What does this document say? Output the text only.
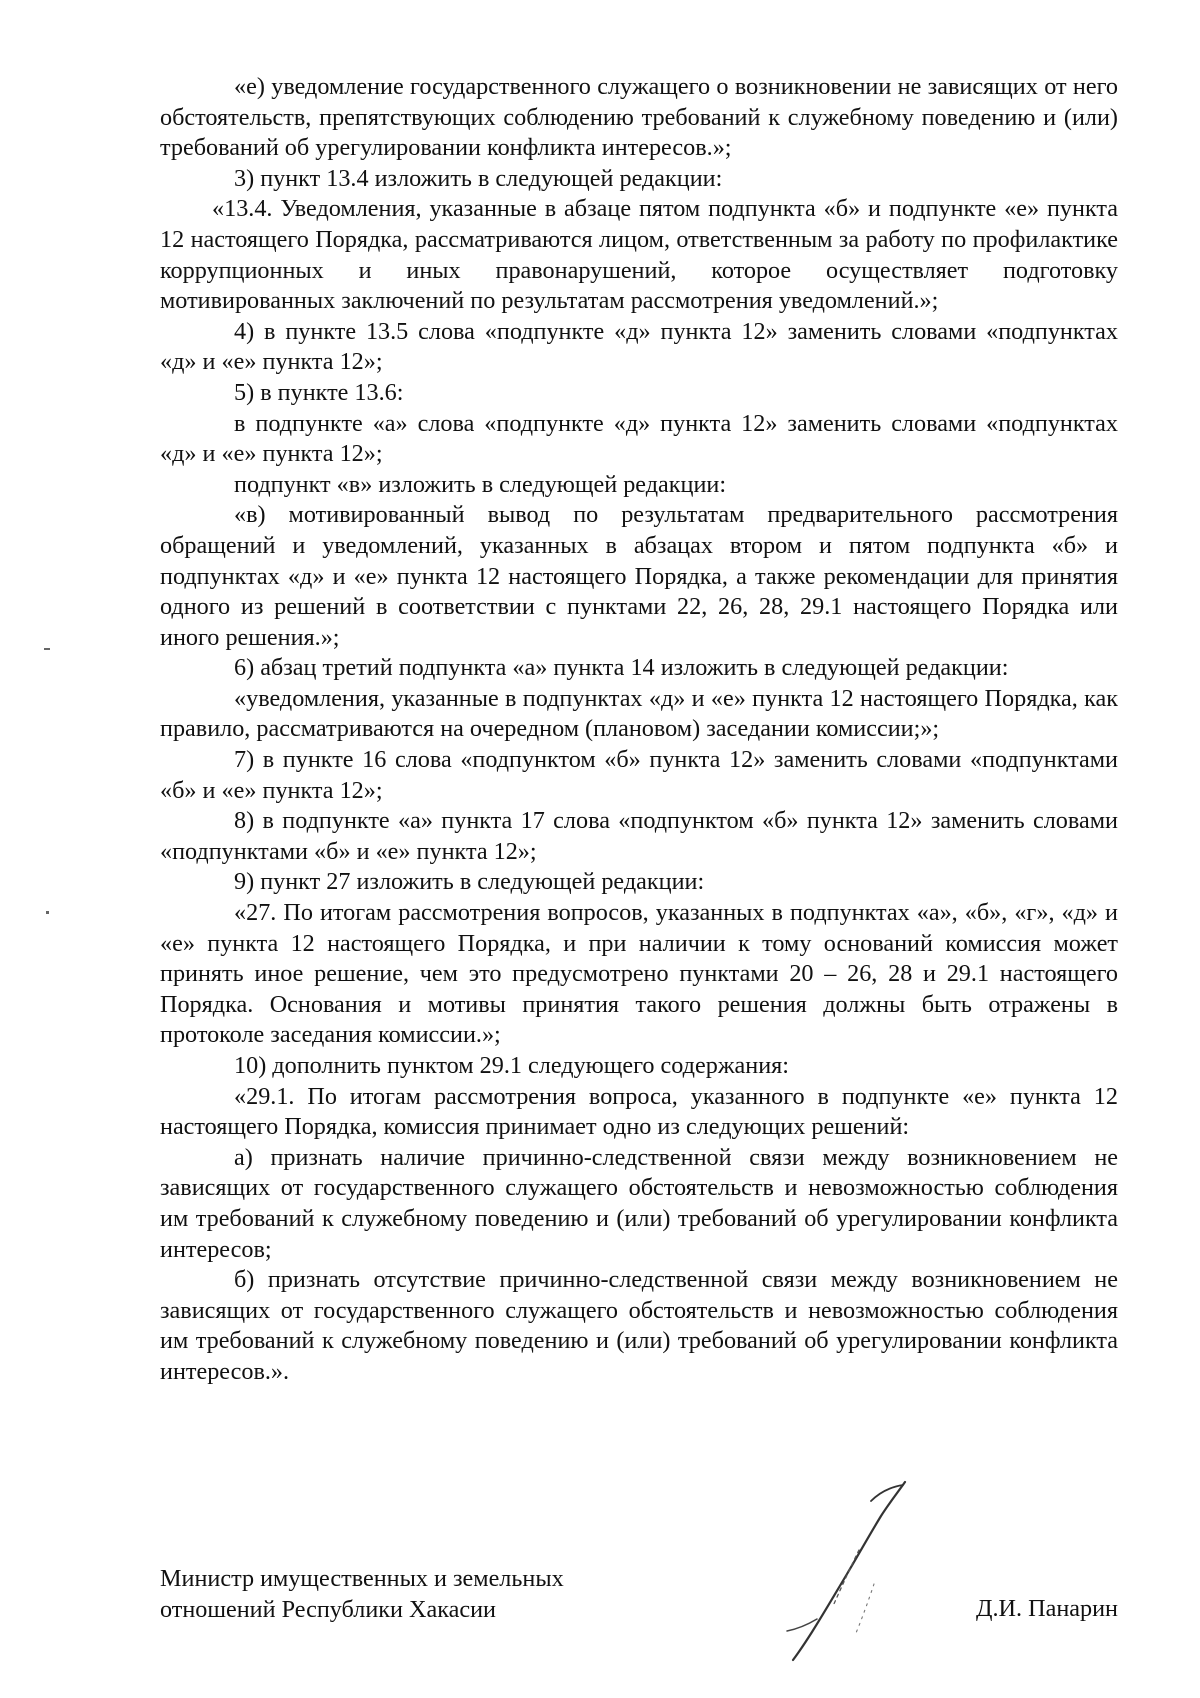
«е) уведомление государственного служащего о возникновении не зависящих от него обстоятельств, препятствующих соблюдению требований к служебному поведению и (или) требований об урегулировании конфликта интересов.»;

3) пункт 13.4 изложить в следующей редакции:

«13.4. Уведомления, указанные в абзаце пятом подпункта «б» и подпункте «е» пункта 12 настоящего Порядка, рассматриваются лицом, ответственным за работу по профилактике коррупционных и иных правонарушений, которое осуществляет подготовку мотивированных заключений по результатам рассмотрения уведомлений.»;

4) в пункте 13.5 слова «подпункте «д» пункта 12» заменить словами «подпунктах «д» и «е» пункта 12»;

5) в пункте 13.6:

в подпункте «а» слова «подпункте «д» пункта 12» заменить словами «подпунктах «д» и «е» пункта 12»;

подпункт «в» изложить в следующей редакции:

«в) мотивированный вывод по результатам предварительного рассмотрения обращений и уведомлений, указанных в абзацах втором и пятом подпункта «б» и подпунктах «д» и «е» пункта 12 настоящего Порядка, а также рекомендации для принятия одного из решений в соответствии с пунктами 22, 26, 28, 29.1 настоящего Порядка или иного решения.»;

6) абзац третий подпункта «а» пункта 14 изложить в следующей редакции:

«уведомления, указанные в подпунктах «д» и «е» пункта 12 настоящего Порядка, как правило, рассматриваются на очередном (плановом) заседании комиссии;»;

7) в пункте 16 слова «подпунктом «б» пункта 12» заменить словами «подпунктами «б» и «е» пункта 12»;

8) в подпункте «а» пункта 17 слова «подпунктом «б» пункта 12» заменить словами «подпунктами «б» и «е» пункта 12»;

9) пункт 27 изложить в следующей редакции:

«27. По итогам рассмотрения вопросов, указанных в подпунктах «а», «б», «г», «д» и «е» пункта 12 настоящего Порядка, и при наличии к тому оснований комиссия может принять иное решение, чем это предусмотрено пунктами 20 – 26, 28 и 29.1 настоящего Порядка. Основания и мотивы принятия такого решения должны быть отражены в протоколе заседания комиссии.»;

10) дополнить пунктом 29.1 следующего содержания:

«29.1. По итогам рассмотрения вопроса, указанного в подпункте «е» пункта 12 настоящего Порядка, комиссия принимает одно из следующих решений:

а) признать наличие причинно-следственной связи между возникновением не зависящих от государственного служащего обстоятельств и невозможностью соблюдения им требований к служебному поведению и (или) требований об урегулировании конфликта интересов;

б) признать отсутствие причинно-следственной связи между возникновением не зависящих от государственного служащего обстоятельств и невозможностью соблюдения им требований к служебному поведению и (или) требований об урегулировании конфликта интересов.».

Министр имущественных и земельных
отношений Республики Хакасии	Д.И. Панарин
